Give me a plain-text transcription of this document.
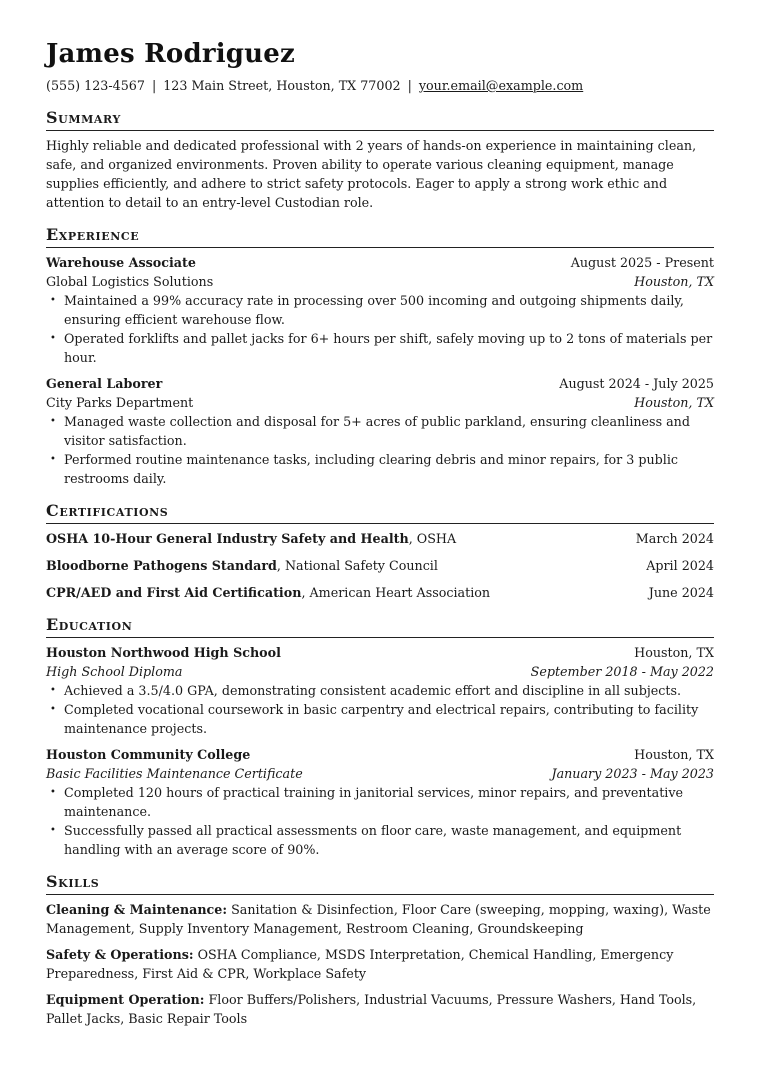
James Rodriguez
(555) 123-4567 | 123 Main Street, Houston, TX 77002 | your.email@example.com
Summary

Highly reliable and dedicated professional with 2 years of hands-on experience in maintaining clean, safe, and organized environments. Proven ability to operate various cleaning equipment, manage supplies efficiently, and adhere to strict safety protocols. Eager to apply a strong work ethic and attention to detail to an entry-level Custodian role.

Experience
Warehouse Associate	August 2025 - Present
Global Logistics Solutions	Houston, TX
• Maintained a 99% accuracy rate in processing over 500 incoming and outgoing shipments daily, ensuring efficient warehouse flow.
• Operated forklifts and pallet jacks for 6+ hours per shift, safely moving up to 2 tons of materials per hour.
General Laborer	August 2024 - July 2025
City Parks Department	Houston, TX
• Managed waste collection and disposal for 5+ acres of public parkland, ensuring cleanliness and visitor satisfaction.
• Performed routine maintenance tasks, including clearing debris and minor repairs, for 3 public restrooms daily.
Certifications
OSHA 10-Hour General Industry Safety and Health, OSHA	March 2024
Bloodborne Pathogens Standard, National Safety Council	April 2024
CPR/AED and First Aid Certification, American Heart Association	June 2024
Education
Houston Northwood High School	Houston, TX
High School Diploma	September 2018 - May 2022
• Achieved a 3.5/4.0 GPA, demonstrating consistent academic effort and discipline in all subjects.
• Completed vocational coursework in basic carpentry and electrical repairs, contributing to facility maintenance projects.
Houston Community College	Houston, TX
Basic Facilities Maintenance Certificate	January 2023 - May 2023
• Completed 120 hours of practical training in janitorial services, minor repairs, and preventative maintenance.
• Successfully passed all practical assessments on floor care, waste management, and equipment handling with an average score of 90%.
Skills
Cleaning & Maintenance: Sanitation & Disinfection, Floor Care (sweeping, mopping, waxing), Waste Management, Supply Inventory Management, Restroom Cleaning, Groundskeeping
Safety & Operations: OSHA Compliance, MSDS Interpretation, Chemical Handling, Emergency Preparedness, First Aid & CPR, Workplace Safety
Equipment Operation: Floor Buffers/Polishers, Industrial Vacuums, Pressure Washers, Hand Tools, Pallet Jacks, Basic Repair Tools
